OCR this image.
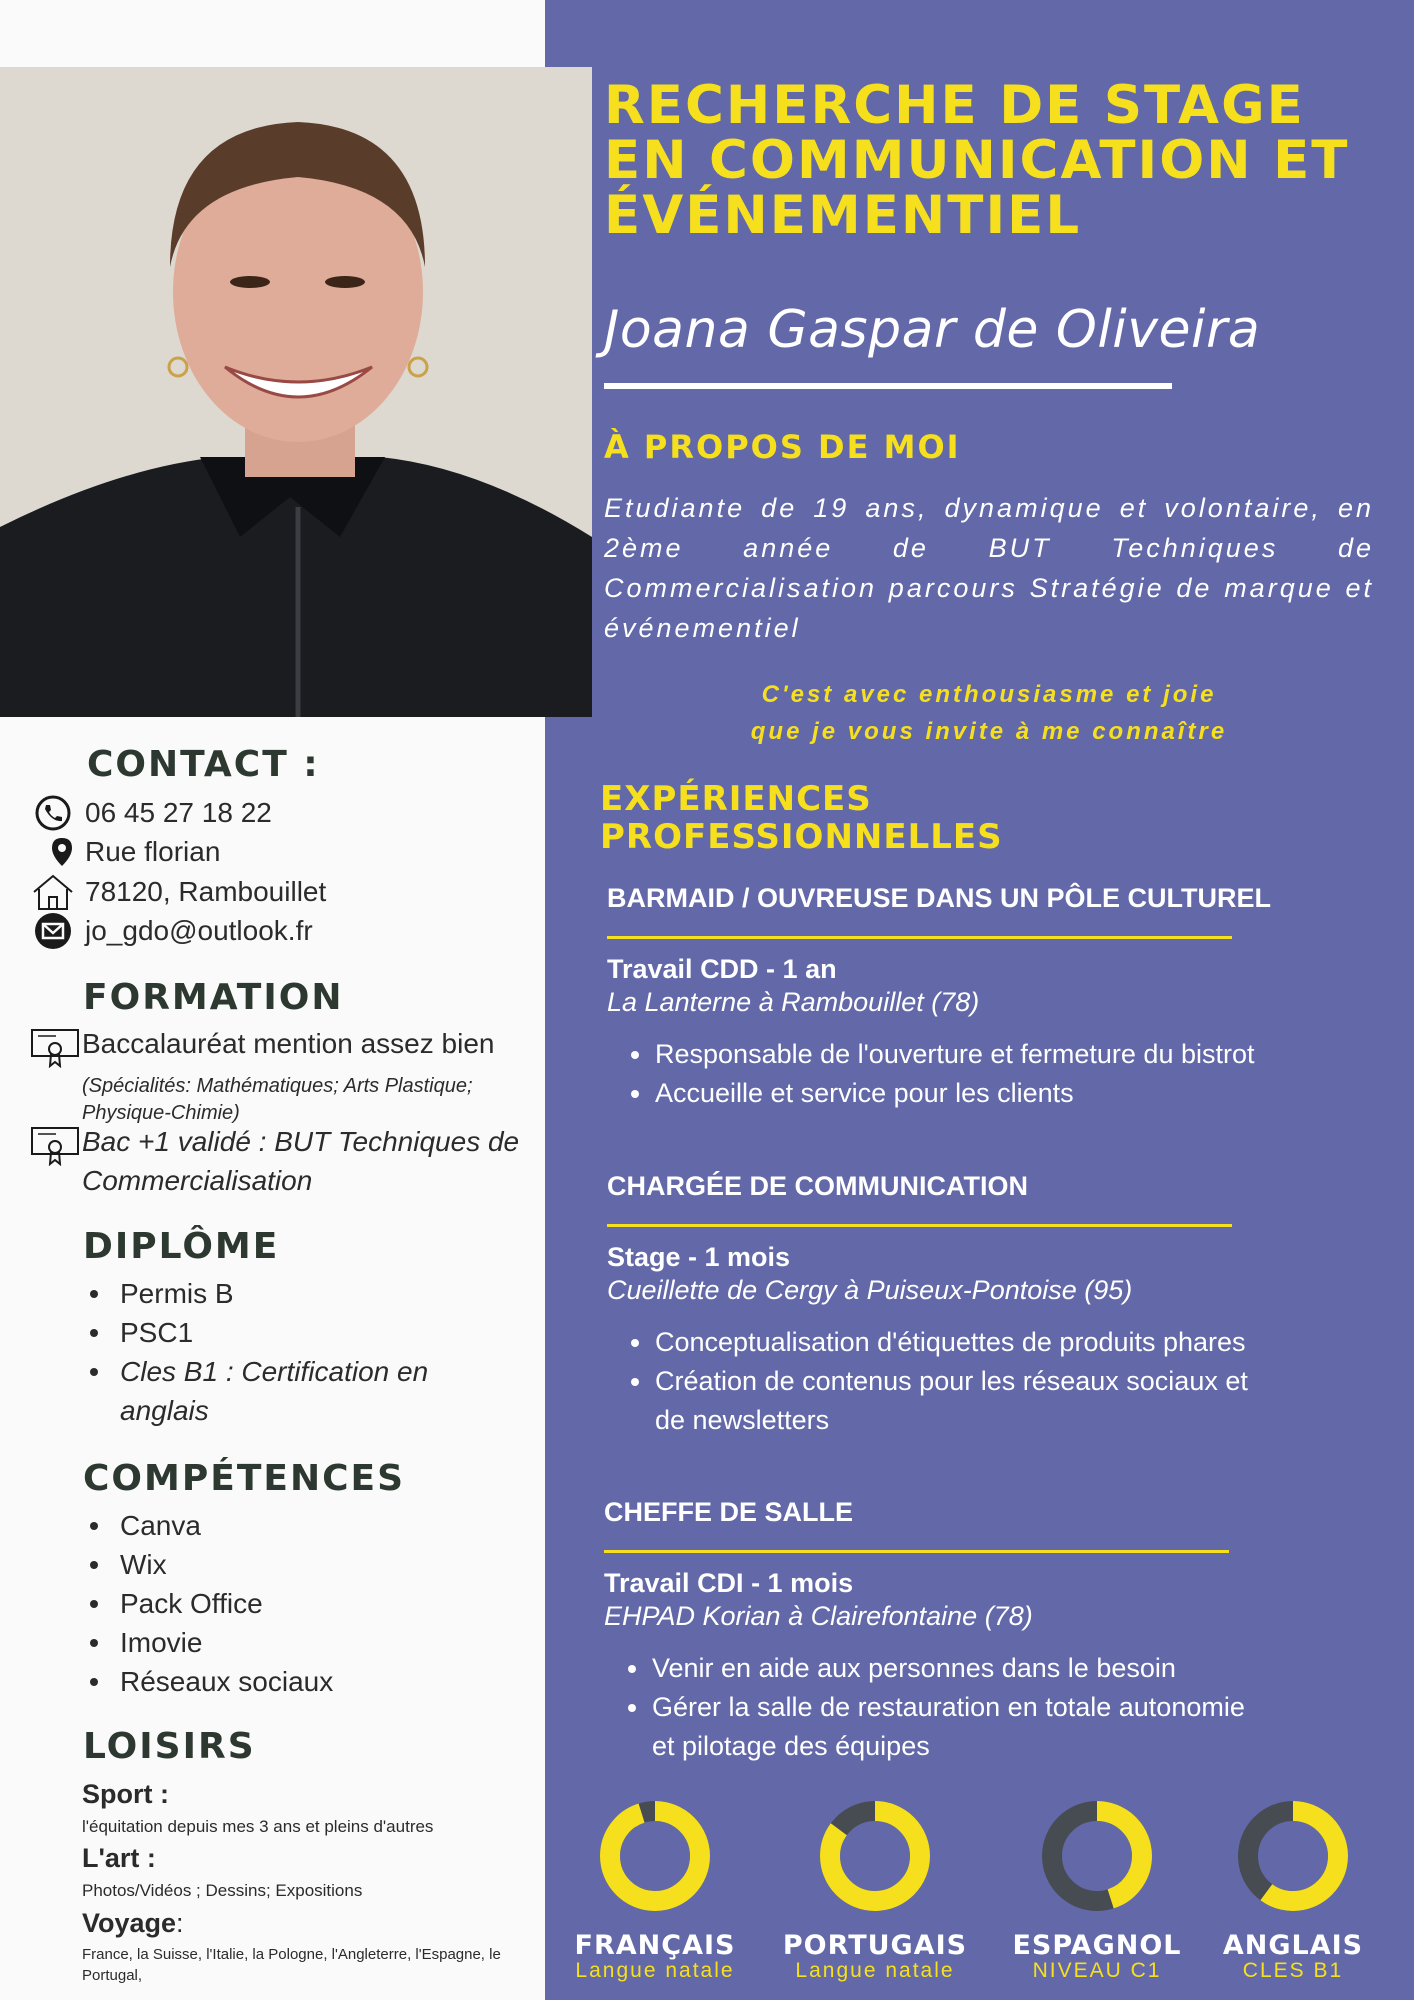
RECHERCHE DE STAGE EN COMMUNICATION ET ÉVÉNEMENTIEL
Joana Gaspar de Oliveira
À PROPOS DE MOI
Etudiante de 19 ans, dynamique et volontaire, en 2ème année de BUT Techniques de Commercialisation parcours Stratégie de marque et événementiel
C'est avec enthousiasme et joie
que je vous invite à me connaître
EXPÉRIENCES
PROFESSIONNELLES
BARMAID / OUVREUSE DANS UN PÔLE CULTUREL
Travail CDD - 1 an
La Lanterne à Rambouillet (78)
Responsable de l'ouverture et fermeture du bistrot
Accueille et service pour les clients
CHARGÉE DE COMMUNICATION
Stage - 1 mois
Cueillette de Cergy à Puiseux-Pontoise (95)
Conceptualisation d'étiquettes de produits phares
Création de contenus pour les réseaux sociaux et de newsletters
CHEFFE DE SALLE
Travail CDI - 1 mois
EHPAD Korian à Clairefontaine (78)
Venir en aide aux personnes dans le besoin
Gérer la salle de restauration en totale autonomie et pilotage des équipes
FRANÇAIS
Langue natale
PORTUGAIS
Langue natale
ESPAGNOL
NIVEAU C1
ANGLAIS
CLES B1
CONTACT :
06 45 27 18 22
Rue florian
78120, Rambouillet
jo_gdo@outlook.fr
FORMATION
Baccalauréat mention assez bien
(Spécialités: Mathématiques; Arts Plastique;
Physique-Chimie)
Bac +1 validé : BUT Techniques de
Commercialisation
DIPLÔME
Permis B
PSC1
Cles B1 : Certification en anglais
COMPÉTENCES
Canva
Wix
Pack Office
Imovie
Réseaux sociaux
LOISIRS
Sport :
l'équitation depuis mes 3 ans et pleins d'autres
L'art :
Photos/Vidéos ; Dessins; Expositions
Voyage:
France, la Suisse, l'Italie, la Pologne, l'Angleterre, l'Espagne, le Portugal,
